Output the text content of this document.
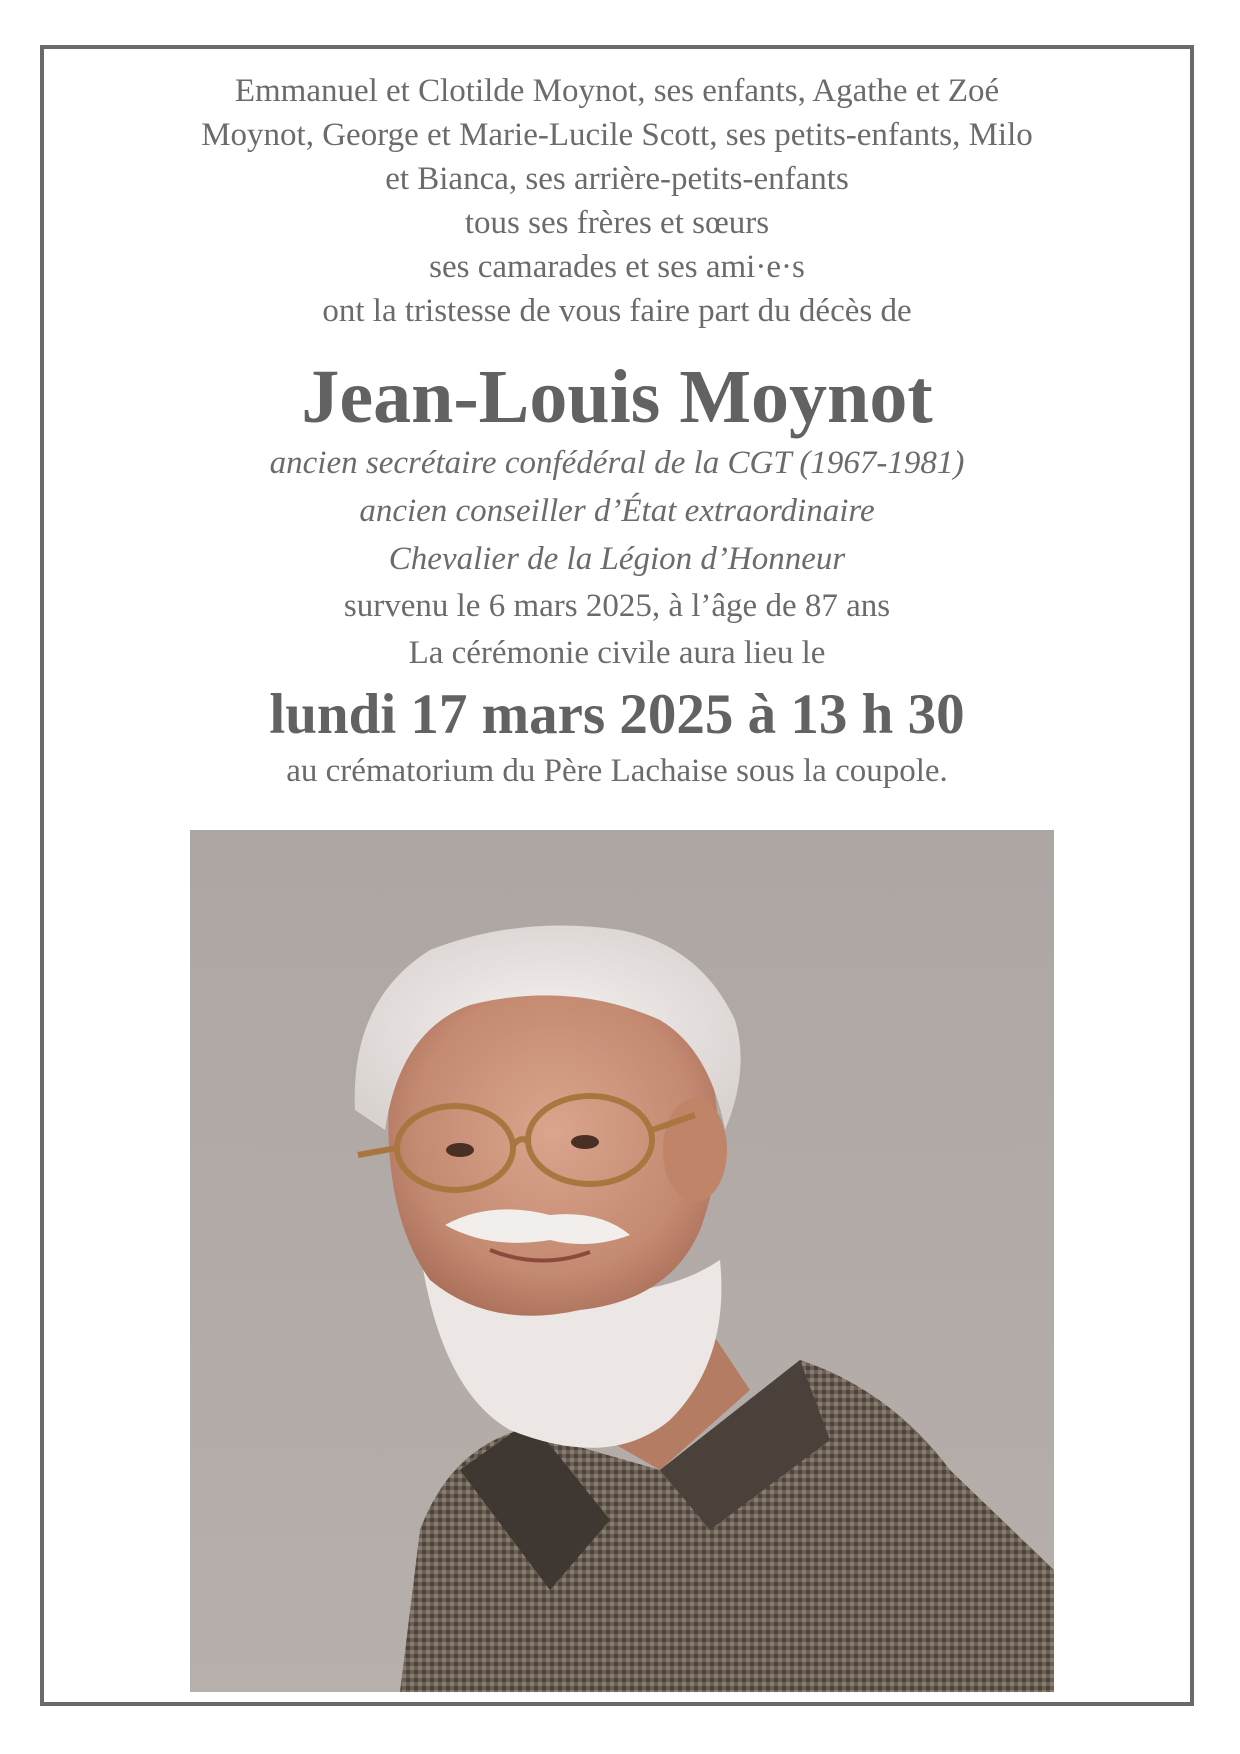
Emmanuel et Clotilde Moynot, ses enfants, Agathe et Zoé
Moynot, George et Marie-Lucile Scott, ses petits-enfants, Milo
et Bianca, ses arrière-petits-enfants
tous ses frères et sœurs
ses camarades et ses ami·e·s
ont la tristesse de vous faire part du décès de
Jean-Louis Moynot
ancien secrétaire confédéral de la CGT (1967-1981)
ancien conseiller d’État extraordinaire
Chevalier de la Légion d’Honneur
survenu le 6 mars 2025, à l’âge de 87 ans
La cérémonie civile aura lieu le
lundi 17 mars 2025 à 13 h 30
au crématorium du Père Lachaise sous la coupole.
